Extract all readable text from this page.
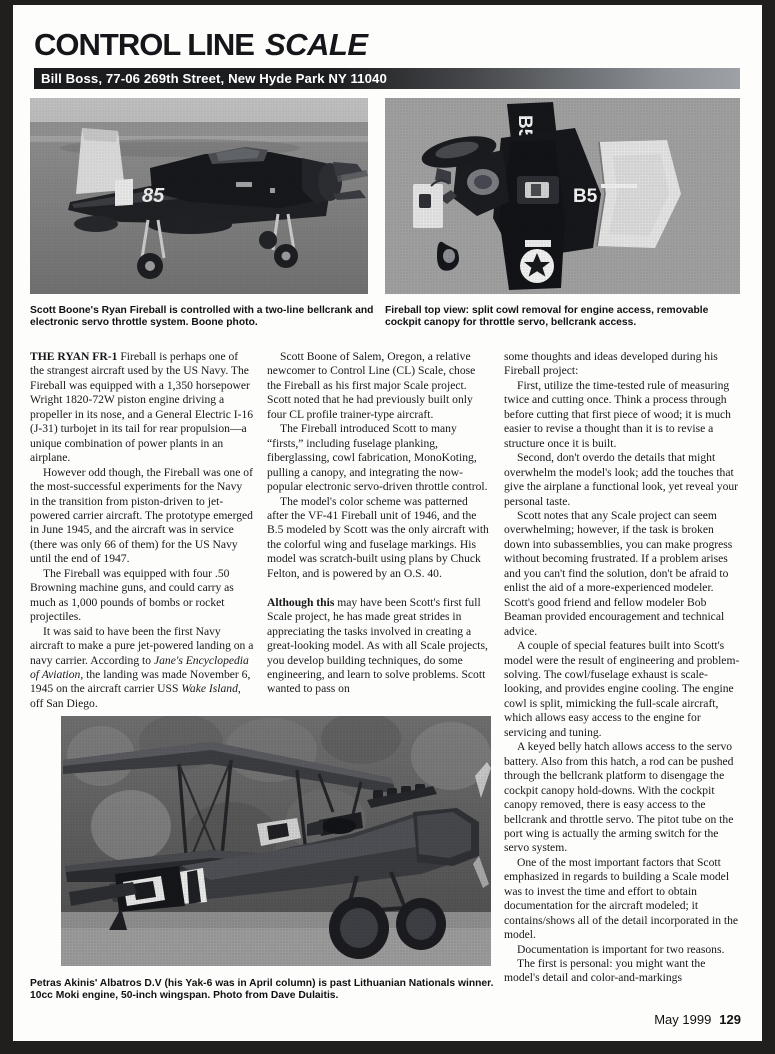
CONTROL LINE SCALE
Bill Boss, 77-06 269th Street, New Hyde Park NY 11040
Scott Boone's Ryan Fireball is controlled with a two-line bellcrank and electronic servo throttle system. Boone photo.
Fireball top view: split cowl removal for engine access, removable cockpit canopy for throttle servo, bellcrank access.

THE RYAN FR-1 Fireball is perhaps one of the strangest aircraft used by the US Navy. The Fireball was equipped with a 1,350 horsepower Wright 1820-72W piston engine driving a propeller in its nose, and a General Electric I-16 (J-31) turbojet in its tail for rear propulsion—a unique combination of power plants in an airplane.

However odd though, the Fireball was one of the most-successful experiments for the Navy in the transition from piston-driven to jet-powered carrier aircraft. The prototype emerged in June 1945, and the aircraft was in service (there was only 66 of them) for the US Navy until the end of 1947.

The Fireball was equipped with four .50 Browning machine guns, and could carry as much as 1,000 pounds of bombs or rocket projectiles.

It was said to have been the first Navy aircraft to make a pure jet-powered landing on a navy carrier. According to Jane's Encyclopedia of Aviation, the landing was made November 6, 1945 on the aircraft carrier USS Wake Island, off San Diego.

Scott Boone of Salem, Oregon, a relative newcomer to Control Line (CL) Scale, chose the Fireball as his first major Scale project. Scott noted that he had previously built only four CL profile trainer-type aircraft.

The Fireball introduced Scott to many “firsts,” including fuselage planking, fiberglassing, cowl fabrication, MonoKoting, pulling a canopy, and integrating the now-popular electronic servo-driven throttle control.

The model's color scheme was patterned after the VF-41 Fireball unit of 1946, and the B.5 modeled by Scott was the only aircraft with the colorful wing and fuselage markings. His model was scratch-built using plans by Chuck Felton, and is powered by an O.S. 40.

Although this may have been Scott's first full Scale project, he has made great strides in appreciating the tasks involved in creating a great-looking model. As with all Scale projects, you develop building techniques, do some engineering, and learn to solve problems. Scott wanted to pass on

some thoughts and ideas developed during his Fireball project:

First, utilize the time-tested rule of measuring twice and cutting once. Think a process through before cutting that first piece of wood; it is much easier to revise a thought than it is to revise a structure once it is built.

Second, don't overdo the details that might overwhelm the model's look; add the touches that give the airplane a functional look, yet reveal your personal taste.

Scott notes that any Scale project can seem overwhelming; however, if the task is broken down into subassemblies, you can make progress without becoming frustrated. If a problem arises and you can't find the solution, don't be afraid to enlist the aid of a more-experienced modeler. Scott's good friend and fellow modeler Bob Beaman provided encouragement and technical advice.

A couple of special features built into Scott's model were the result of engineering and problem-solving. The cowl/fuselage exhaust is scale-looking, and provides engine cooling. The engine cowl is split, mimicking the full-scale aircraft, which allows easy access to the engine for servicing and tuning.

A keyed belly hatch allows access to the servo battery. Also from this hatch, a rod can be pushed through the bellcrank platform to disengage the cockpit canopy hold-downs. With the cockpit canopy removed, there is easy access to the bellcrank and throttle servo. The pitot tube on the port wing is actually the arming switch for the servo system.

One of the most important factors that Scott emphasized in regards to building a Scale model was to invest the time and effort to obtain documentation for the aircraft modeled; it contains/shows all of the detail incorporated in the model.

Documentation is important for two reasons.

The first is personal: you might want the model's detail and color-and-markings

Petras Akinis' Albatros D.V (his Yak-6 was in April column) is past Lithuanian Nationals winner. 10cc Moki engine, 50-inch wingspan. Photo from Dave Dulaitis.
May 1999 129
